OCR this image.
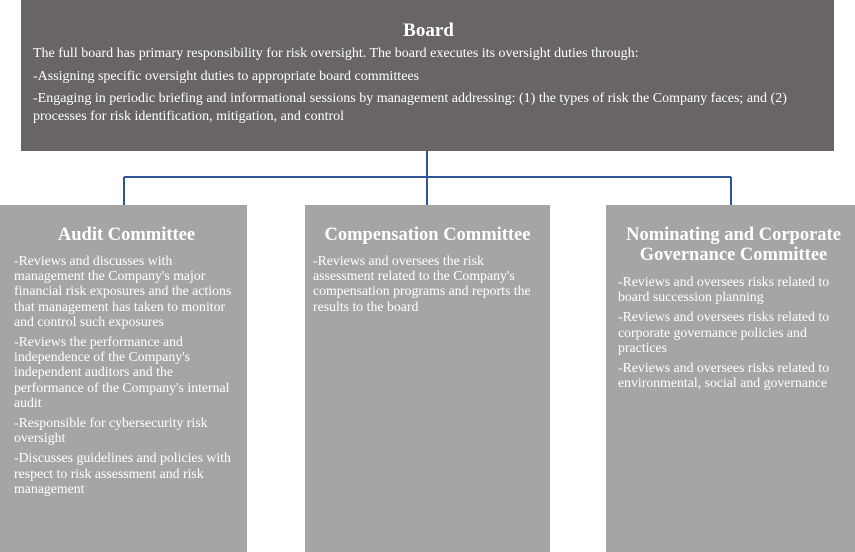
Board

The full board has primary responsibility for risk oversight. The board executes its oversight duties through:

-Assigning specific oversight duties to appropriate board committees

-Engaging in periodic briefing and informational sessions by management addressing: (1) the types of risk the Company faces; and (2) processes for risk identification, mitigation, and control

Audit Committee
-Reviews and discusses with management the Company's major financial risk exposures and the actions that management has taken to monitor and control such exposures
-Reviews the performance and independence of the Company's independent auditors and the performance of the Company's internal audit
-Responsible for cybersecurity risk oversight
-Discusses guidelines and policies with respect to risk assessment and risk management
Compensation Committee
-Reviews and oversees the risk assessment related to the Company's compensation programs and reports the results to the board
Nominating and Corporate Governance Committee
-Reviews and oversees risks related to board succession planning
-Reviews and oversees risks related to corporate governance policies and practices
-Reviews and oversees risks related to environmental, social and governance
